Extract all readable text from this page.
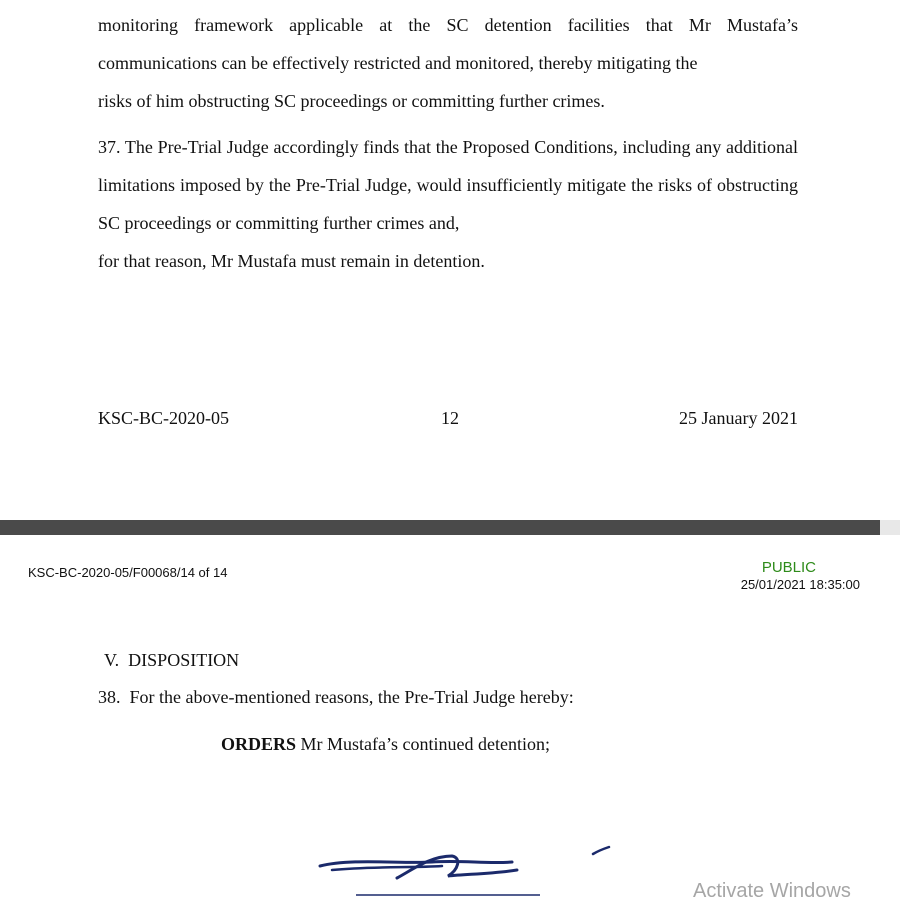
monitoring framework applicable at the SC detention facilities that Mr Mustafa’s communications can be effectively restricted and monitored, thereby mitigating the
risks of him obstructing SC proceedings or committing further crimes.

37. The Pre-Trial Judge accordingly finds that the Proposed Conditions, including any additional limitations imposed by the Pre-Trial Judge, would insufficiently mitigate the risks of obstructing SC proceedings or committing further crimes and,
for that reason, Mr Mustafa must remain in detention.

KSC-BC-2020-05	12	25 January 2021
KSC-BC-2020-05/F00068/14 of 14	PUBLIC
25/01/2021 18:35:00
V.  DISPOSITION
38.  For the above-mentioned reasons, the Pre-Trial Judge hereby:
ORDERS Mr Mustafa’s continued detention;
Activate Windows
